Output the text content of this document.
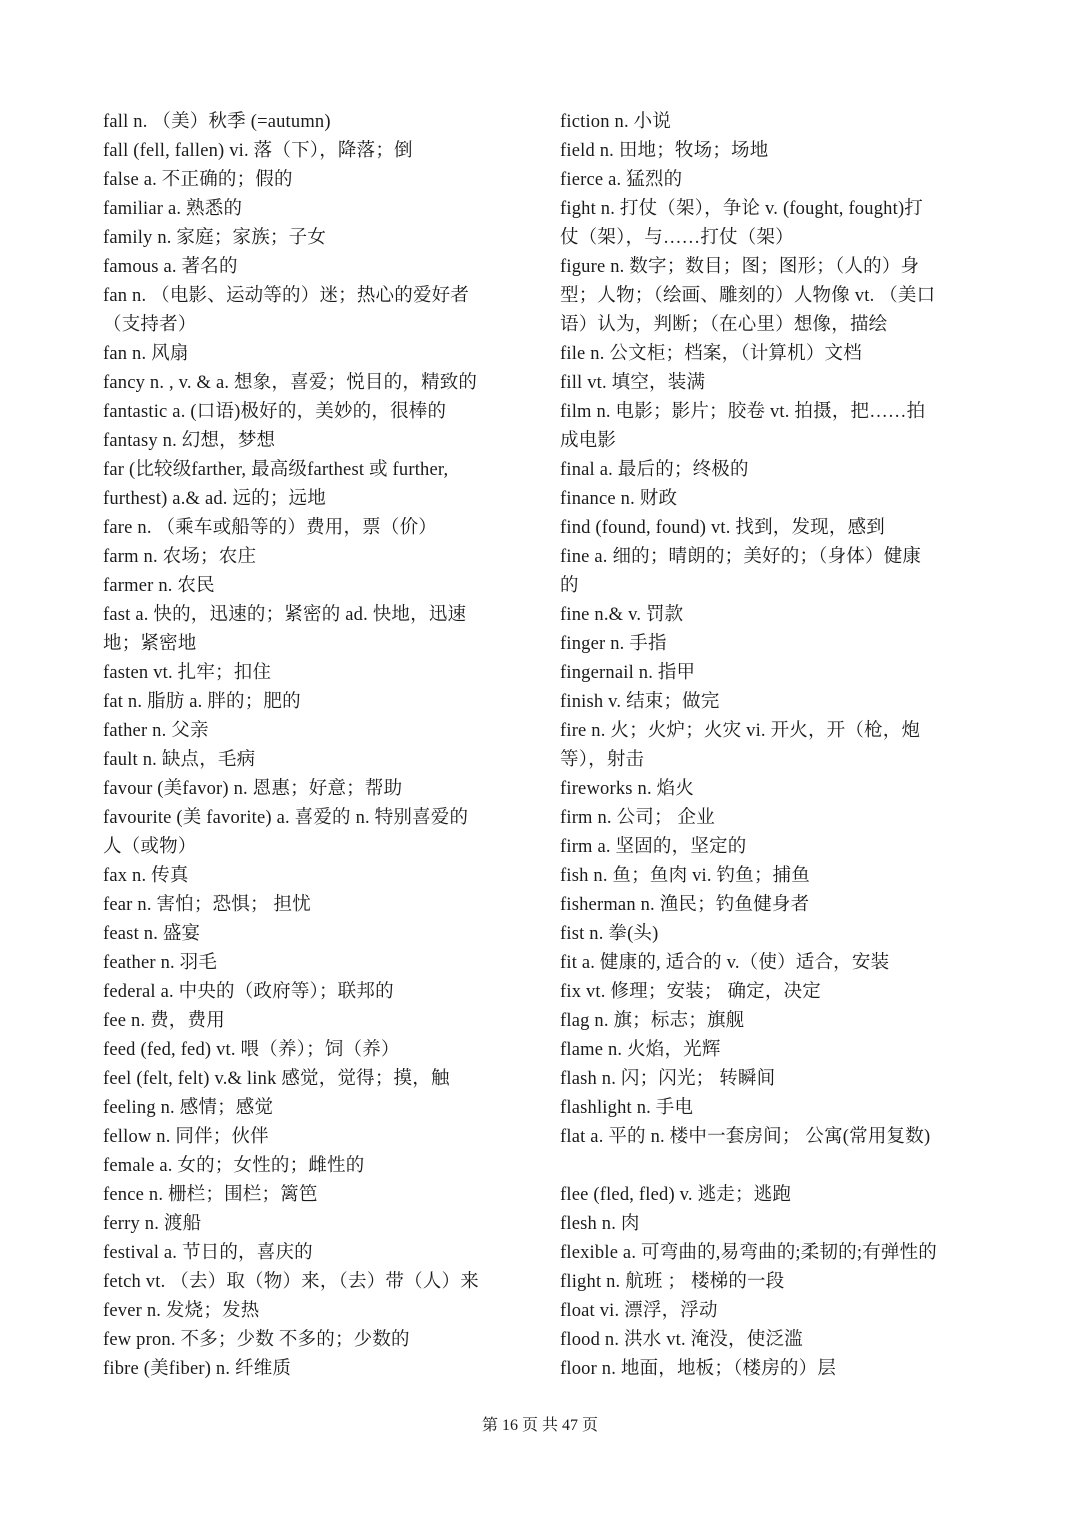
fall n. （美）秋季 (=autumn)
fall (fell, fallen) vi. 落（下），降落；倒
false a. 不正确的；假的
familiar a. 熟悉的
family n. 家庭；家族；子女
famous a. 著名的
fan n. （电影、运动等的）迷；热心的爱好者
（支持者）
fan n. 风扇
fancy n. , v. & a. 想象，喜爱；悦目的，精致的
fantastic a. (口语)极好的，美妙的，很棒的
fantasy n. 幻想，梦想
far (比较级farther, 最高级farthest 或 further,
furthest) a.& ad. 远的；远地
fare n. （乘车或船等的）费用，票（价）
farm n. 农场；农庄
farmer n. 农民
fast a. 快的，迅速的；紧密的 ad. 快地，迅速
地；紧密地
fasten vt. 扎牢；扣住
fat n. 脂肪 a. 胖的；肥的
father n. 父亲
fault n. 缺点，毛病
favour (美favor) n. 恩惠；好意；帮助
favourite (美 favorite) a. 喜爱的 n. 特别喜爱的
人（或物）
fax n. 传真
fear n. 害怕；恐惧； 担忧
feast n. 盛宴
feather n. 羽毛
federal a. 中央的（政府等）；联邦的
fee n. 费，费用
feed (fed, fed) vt. 喂（养）；饲（养）
feel (felt, felt) v.& link 感觉，觉得；摸，触
feeling n. 感情；感觉
fellow n. 同伴；伙伴
female a. 女的；女性的；雌性的
fence n. 栅栏；围栏；篱笆
ferry n. 渡船
festival a. 节日的，喜庆的
fetch vt. （去）取（物）来，（去）带（人）来
fever n. 发烧；发热
few pron. 不多；少数 不多的；少数的
fibre (美fiber) n. 纤维质
fiction n. 小说
field n. 田地；牧场；场地
fierce a. 猛烈的
fight n. 打仗（架），争论 v. (fought, fought)打
仗（架），与……打仗（架）
figure n. 数字；数目；图；图形；（人的）身
型；人物；（绘画、雕刻的）人物像 vt. （美口
语）认为，判断；（在心里）想像，描绘
file n. 公文柜；档案，（计算机）文档
fill vt. 填空，装满
film n. 电影；影片；胶卷 vt. 拍摄，把……拍
成电影
final a. 最后的；终极的
finance n. 财政
find (found, found) vt. 找到，发现，感到
fine a. 细的；晴朗的；美好的；（身体）健康
的
fine n.& v. 罚款
finger n. 手指
fingernail n. 指甲
finish v. 结束；做完
fire n. 火；火炉；火灾 vi. 开火，开（枪，炮
等），射击
fireworks n. 焰火
firm n. 公司； 企业
firm a. 坚固的，坚定的
fish n. 鱼；鱼肉 vi. 钓鱼；捕鱼
fisherman n. 渔民；钓鱼健身者
fist n. 拳(头)
fit a. 健康的, 适合的 v.（使）适合，安装
fix vt. 修理；安装； 确定，决定
flag n. 旗；标志；旗舰
flame n. 火焰，光辉
flash n. 闪；闪光； 转瞬间
flashlight n. 手电
flat a. 平的 n. 楼中一套房间； 公寓(常用复数)
flee (fled, fled) v. 逃走；逃跑
flesh n. 肉
flexible a. 可弯曲的,易弯曲的;柔韧的;有弹性的
flight n. 航班 ； 楼梯的一段
float vi. 漂浮，浮动
flood n. 洪水 vt. 淹没，使泛滥
floor n. 地面，地板；（楼房的）层
第 16 页 共 47 页
